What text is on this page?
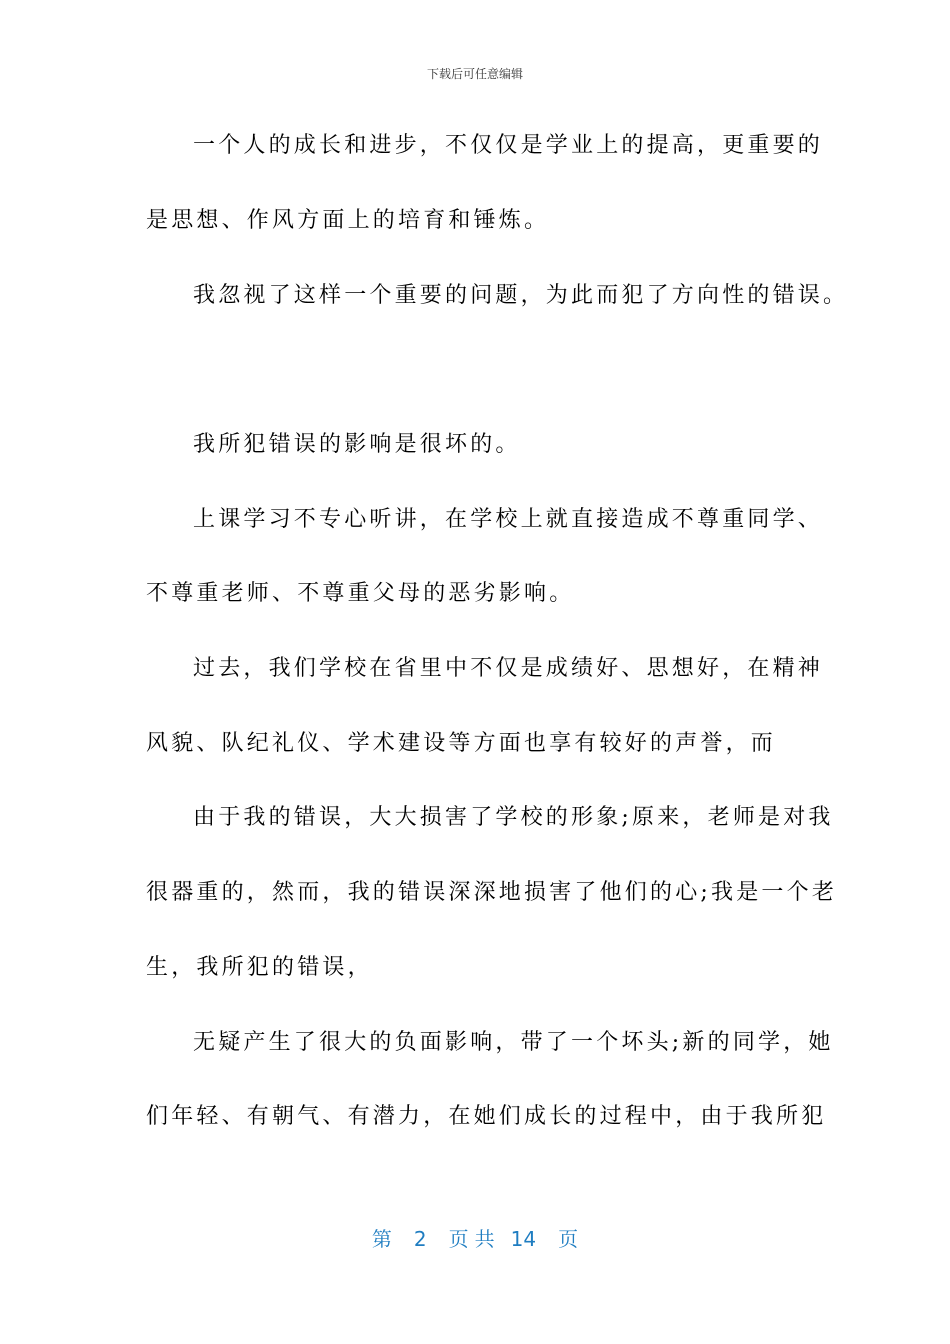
下载后可任意编辑
一个人的成长和进步，不仅仅是学业上的提高，更重要的
是思想、作风方面上的培育和锤炼。
我忽视了这样一个重要的问题，为此而犯了方向性的错误。
我所犯错误的影响是很坏的。
上课学习不专心听讲，在学校上就直接造成不尊重同学、
不尊重老师、不尊重父母的恶劣影响。
过去，我们学校在省里中不仅是成绩好、思想好，在精神
风貌、队纪礼仪、学术建设等方面也享有较好的声誉，而
由于我的错误，大大损害了学校的形象;原来，老师是对我
很器重的，然而，我的错误深深地损害了他们的心;我是一个老
生，我所犯的错误，
无疑产生了很大的负面影响，带了一个坏头;新的同学，她
们年轻、有朝气、有潜力，在她们成长的过程中，由于我所犯
第 2 页共 14 页
